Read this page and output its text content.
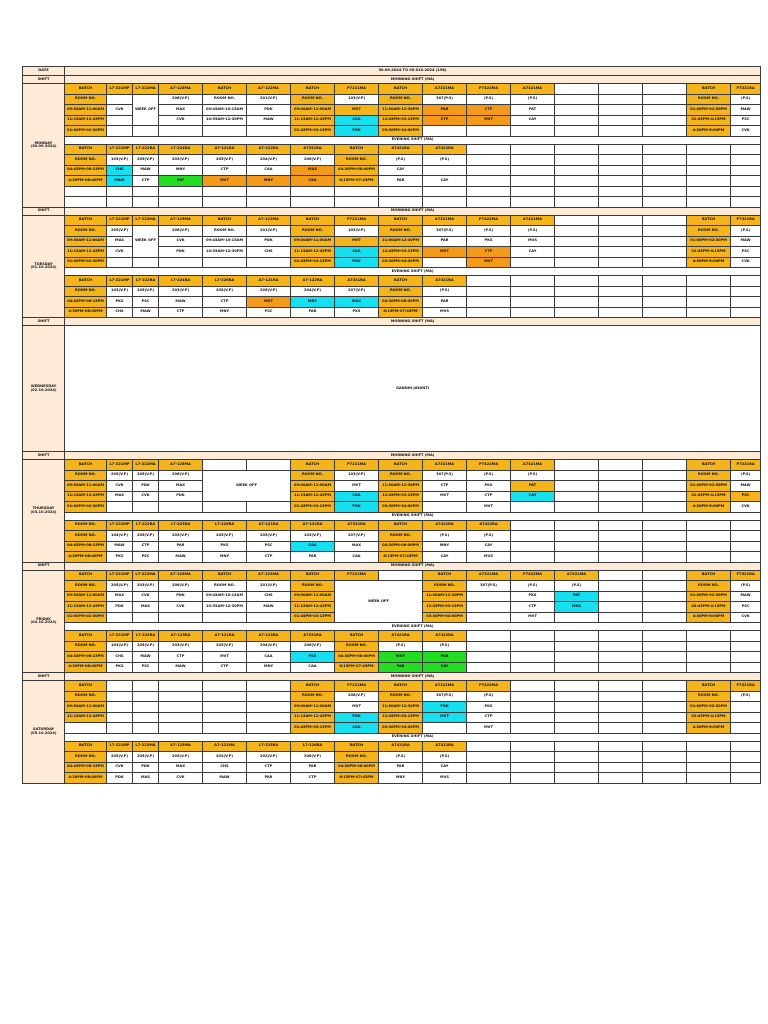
DATE	30.09.2024 TO 05.010.2024 (198)																
SHIFT	MORNING SHIFT (MA)																

MONDAY
(30.09.2024)	BATCH	L7-221MP	L7-222MA	A7-125MA	BATCH	A7-122MA	BATCH	P7221MA	BATCH	A7321MA	P7422MA	A7421MA				BATCH	P7321RA
	ROOM NO.		WEEK OFF	206(V.P)	ROOM NO.	201(V.P)	ROOM NO.	103(V.P)	ROOM NO.	307(P.S)	(P.S)	(P.S)				ROOM NO.	(P.S)
	09:30AM-11:00AM	CVK		MAX	09:45AM-10:15AM	PDK	09:00AM-11:00AM	MVT	11:00AM-12:30PM	PAR	CTP	PAT				01:00PM-02:30PM	MAW
	11:15AM-12:45PM			CVK	10:55AM-12:30PM	MAW	11:15AM-12:45PM	CAA	12:45PM-03:15PM	CTP	MVT	CAY				02:45PM-4:15PM	PSC
	01:00PM-02:30PM						01:45PM-03:15PM	PDK	03:30PM-04:00PM							4:30PM-6:00PM	CVK
	EVENING SHIFT (MA)																
	BATCH	L7-221MP	L7-222RA	L7-224RA	A7-121RA	A7-122RA	A7331RA	BATCH	A7421RA	A7422RA							
	ROOM NO.	103(V.P)	205(V.P)	203(V.P)	205(V.P)	204(V.P)	206(V.P)	ROOM NO.	(P.S)	(P.S)							
	04:45PM-06:15PM	CHS	MAW	MNY	CTP	CAA	MAX	04:30PM-06:00PM	CAY								
	4:30PM-08:00PM	MAW	CTP	PAT	MVT	MNY	CAA	6:15PM-07:45PM	PAR	CAY							

SHIFT	MORNING SHIFT (MA)																

TUESDAY
(01.10.2024)	BATCH	L7-221MP	L7-222MA	A7-125MA	BATCH	A7-122MA	BATCH	P7221MA	BATCH	A7321MA	P7422MA	A7421MA				BATCH	P7321RA
	ROOM NO.	205(V.P)	WEEK OFF	206(V.P)	ROOM NO.	201(V.P)	ROOM NO.	103(V.P)	ROOM NO.	307(P.S)	(P.S)	(P.S)				ROOM NO.	(P.S)
	09:30AM-11:00AM	MAS		CVK	09:45AM-10:15AM	PDK	09:00AM-11:00AM	MVT	11:00AM-12:30PM	PAR	PKS	MVS				01:00PM-02:30PM	MAW
	11:15AM-12:45PM	CVK		PDK	10:55AM-12:30PM	CHS	11:15AM-12:45PM	CAA	12:45PM-03:15PM	MVT	CTP	CAY				02:45PM-4:15PM	PSC
	01:00PM-02:30PM						01:45PM-03:15PM	PDK	03:30PM-04:00PM		MVT					4:30PM-6:00PM	CVK
	EVENING SHIFT (MA)																
	BATCH	L7-221MP	L7-222RA	L7-224RA	L7-226RA	A7-121RA	A7-122RA	A7331RA	BATCH	A7421RA							
	ROOM NO.	103(V.P)	205(V.P)	203(V.P)	205(V.P)	205(V.P)	204(V.P)	207(V.P)	ROOM NO.	(P.S)							
	04:45PM-06:15PM	PKS	PSC	MAW	CTP	MVT	MNY	MAX	04:30PM-06:00PM	PAR							
	4:30PM-08:00PM	CHS	MAW	CTP	MNY	PSC	PAR	PKS	6:15PM-07:45PM	MVS							
SHIFT	MORNING SHIFT (MA)																

WEDNESDAY
(02.10.2024)	GANDHI JAYANTI																
SHIFT	MORNING SHIFT (MA)																

THURSDAY
(03.10.2024)	BATCH	L7-221MP	L7-222MA	A7-125MA			BATCH	P7221MA	BATCH	A7321MA	P7422MA	A7421MA				BATCH	P7321RA
	ROOM NO.	205(V.P)	205(V.P)	206(V.P)	WEEK OFF		ROOM NO.	103(V.P)	ROOM NO.	307(P.S)	(P.S)	(P.S)				ROOM NO.	(P.S)
	09:30AM-11:00AM	CVK	PDK	MAX			09:00AM-11:00AM	MVT	11:00AM-12:30PM	CTP	PKS	PAT				01:00PM-02:30PM	MAW
	11:15AM-12:45PM	MAS	CVK	PDK			11:15AM-12:45PM	CAA	12:45PM-03:15PM	MVT	CTP	CAY				02:45PM-4:15PM	PSC
	01:00PM-02:30PM						01:45PM-03:15PM	PDK	03:30PM-04:00PM		MVT					4:30PM-6:00PM	CVK
	EVENING SHIFT (MA)																
	ROOM NO.	L7-221MP	L7-222RA	L7-225RA	L7-226RA	A7-121RA	A7-122RA	A7331RA	BATCH	A7421RA	A7422RA						
	ROOM NO.	104(V.P)	205(V.P)	203(V.P)	205(V.P)	205(V.P)	103(V.P)	207(V.P)	ROOM NO.	(P.S)	(P.S)						
	04:45PM-06:15PM	MAW	CTP	PAR	PKS	PSC	CAA	MAX	04:30PM-06:00PM	MNY	CAY						
	4:30PM-08:00PM	PKS	PSC	MAW	MNY	CTP	PAR	CAA	6:15PM-07:45PM	CAY	MVS						
SHIFT	MORNING SHIFT (MA)																

FRIDAY
(04.10.2024)	BATCH	L7-221MP	L7-222MA	A7-125MA	BATCH	A7-122MA	BATCH	P7221MA		BATCH	A7321MA	P7422MA	A7421MA			BATCH	P7321RA
	ROOM NO.	205(V.P)	203(V.P)	206(V.P)	ROOM NO.	201(V.P)	ROOM NO.	WEEK OFF		ROOM NO.	307(P.S)	(P.S)	(P.S)			ROOM NO.	(P.S)
	09:30AM-11:00AM	MAX	CVK	PDK	09:45AM-10:15AM	CHS	09:00AM-11:00AM			11:00AM-12:30PM		PKS	PAT			01:00PM-02:30PM	MAW
	11:15AM-12:45PM	PDK	MAS	CVK	10:55AM-12:30PM	MAW	11:15AM-12:45PM			12:45PM-03:15PM		CTP	MNS			02:45PM-4:15PM	PSC
	01:00PM-02:30PM						01:45PM-03:15PM			03:30PM-04:00PM		MVT				4:30PM-6:00PM	CVK
	EVENING SHIFT (MA)																
	BATCH	L7-221MP	L7-222RA	A7-125RA	A7-121RA	A7-122RA	A7331RA	BATCH	A7421RA	A7422RA							
	ROOM NO.	103(V.P)	205(V.P)	203(V.P)	205(V.P)	204(V.P)	206(V.P)	ROOM NO.	(P.S)	(P.S)							
	04:45PM-06:15PM	CHS	MAW	CTP	MVT	CAA	PKS	04:30PM-06:00PM	MNY	PAR							
	4:30PM-08:00PM	PKS	PSC	MAW	CTP	MNY	CAA	6:15PM-07:45PM	PAR	CAY							
SHIFT	MORNING SHIFT (MA)																

SATURDAY
(05.10.2024)	BATCH						BATCH	P7221MA	BATCH	A7321MA	P7422MA					BATCH	P7321RA
	ROOM NO.						ROOM NO.	208(V.P)	ROOM NO.	307(P.S)	(P.S)					ROOM NO.	(P.S)
	09:30AM-11:00AM						09:00AM-11:00AM	MVT	11:00AM-12:30PM	PDK	PKS					01:00PM-02:30PM	
	11:15AM-12:45PM						11:15AM-12:45PM	PDK	12:45PM-03:15PM	MVT	CTP					02:45PM-4:15PM	
							01:45PM-03:15PM	CAA	03:30PM-04:00PM		MVT					4:30PM-6:00PM	
	EVENING SHIFT (MA)																
	BATCH	L7-221MP	L7-222MA	A7-125MA	A7-121MA	L7-225RA	L7-226RA	BATCH	A7421RA	A7422RA							
	ROOM NO.	205(V.P)	205(V.P)	205(V.P)	203(V.P)	202(V.P)	206(V.P)	ROOM NO.	(P.S)	(P.S)							
	04:45PM-06:15PM	CVK	PDK	MAX	CHS	CTP	PAR	04:30PM-06:00PM	PAR	CAY							
	4:30PM-08:00PM	PDK	MAS	CVK	MAW	PAR	CTP	6:15PM-07:45PM	MNY	MVS							
